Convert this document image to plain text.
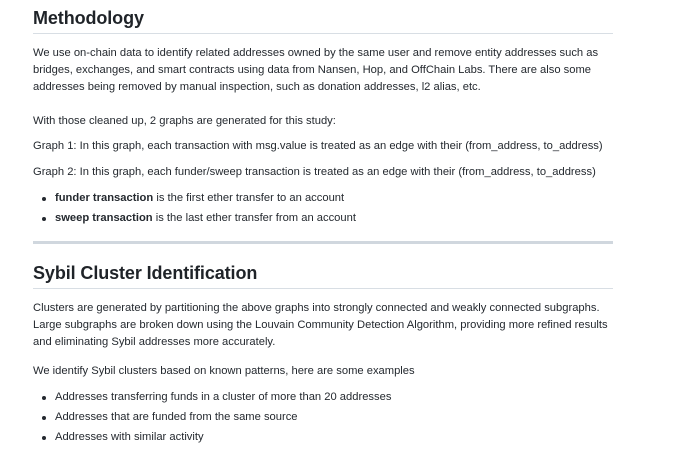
Methodology

We use on-chain data to identify related addresses owned by the same user and remove entity addresses such as bridges, exchanges, and smart contracts using data from Nansen, Hop, and OffChain Labs. There are also some addresses being removed by manual inspection, such as donation addresses, l2 alias, etc.

With those cleaned up, 2 graphs are generated for this study:

Graph 1: In this graph, each transaction with msg.value is treated as an edge with their (from_address, to_address)

Graph 2: In this graph, each funder/sweep transaction is treated as an edge with their (from_address, to_address)

funder transaction is the first ether transfer to an account
sweep transaction is the last ether transfer from an account
Sybil Cluster Identification

Clusters are generated by partitioning the above graphs into strongly connected and weakly connected subgraphs. Large subgraphs are broken down using the Louvain Community Detection Algorithm, providing more refined results and eliminating Sybil addresses more accurately.

We identify Sybil clusters based on known patterns, here are some examples

Addresses transferring funds in a cluster of more than 20 addresses
Addresses that are funded from the same source
Addresses with similar activity
